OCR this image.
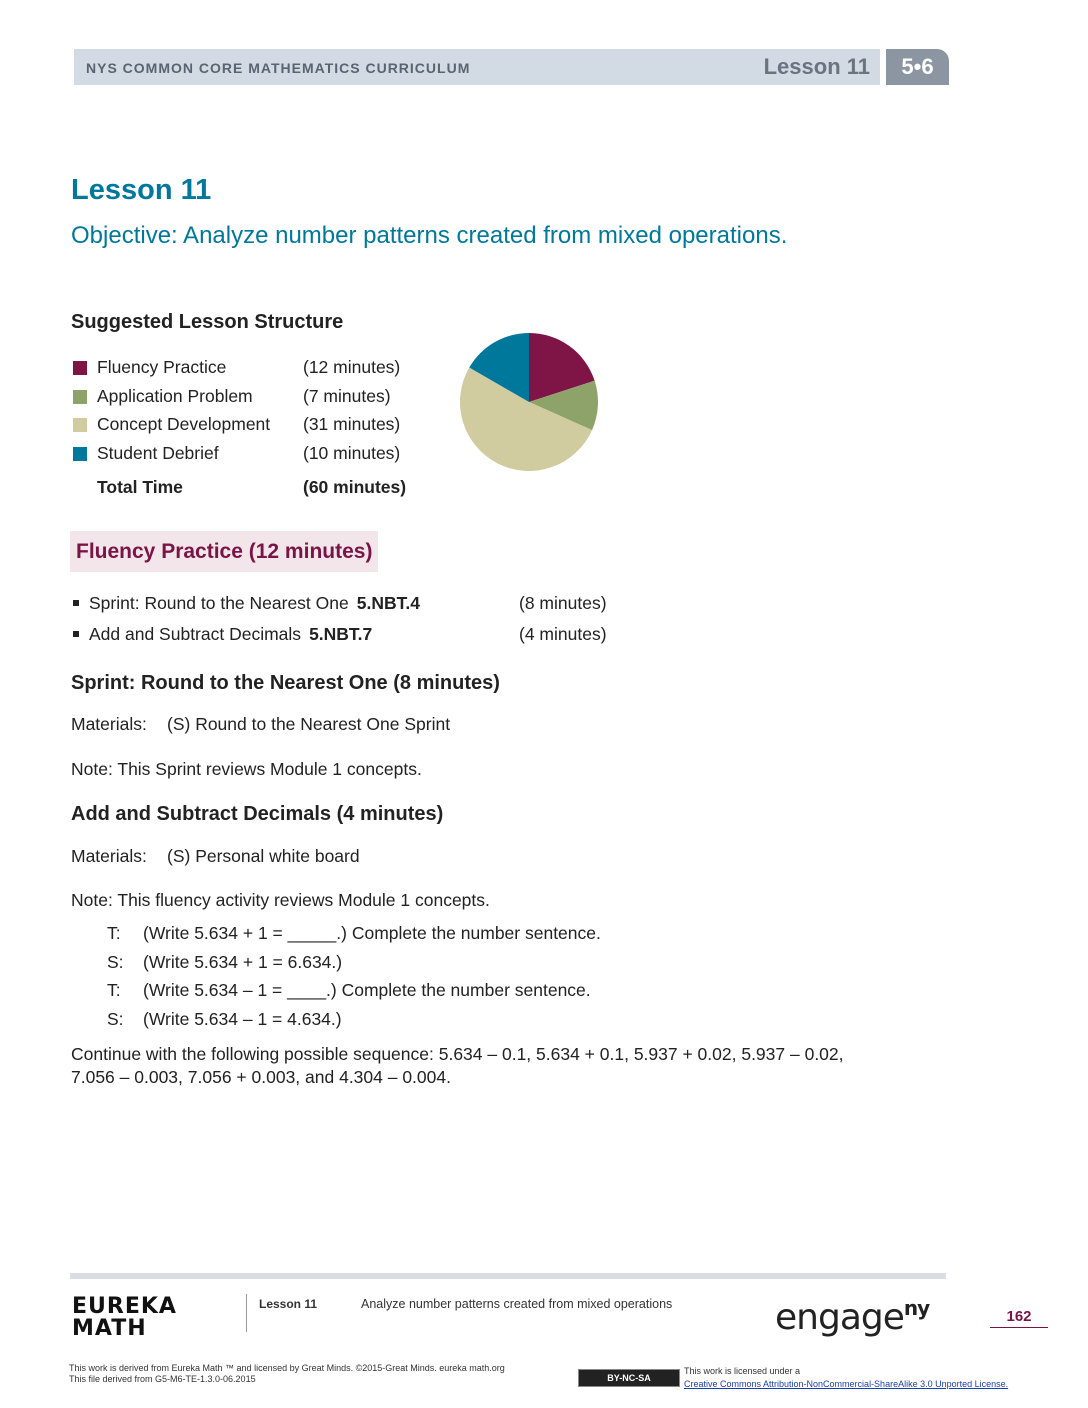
NYS COMMON CORE MATHEMATICS CURRICULUM	Lesson 11	5•6
Lesson 11
Objective: Analyze number patterns created from mixed operations.
Suggested Lesson Structure
Fluency Practice	(12 minutes)
Application Problem	(7 minutes)
Concept Development (31 minutes)
Student Debrief	(10 minutes)
Total Time	(60 minutes)
Fluency Practice (12 minutes)
Sprint: Round to the Nearest One 5.NBT.4	(8 minutes)
Add and Subtract Decimals 5.NBT.7	(4 minutes)
Sprint: Round to the Nearest One (8 minutes)
Materials: (S) Round to the Nearest One Sprint
Note: This Sprint reviews Module 1 concepts.
Add and Subtract Decimals (4 minutes)
Materials: (S) Personal white board
Note: This fluency activity reviews Module 1 concepts.
T: (Write 5.634 + 1 = _____.) Complete the number sentence.
S: (Write 5.634 + 1 = 6.634.)
T: (Write 5.634 – 1 = ____.) Complete the number sentence.
S: (Write 5.634 – 1 = 4.634.)
Continue with the following possible sequence: 5.634 – 0.1, 5.634 + 0.1, 5.937 + 0.02, 5.937 – 0.02,
7.056 – 0.003, 7.056 + 0.003, and 4.304 – 0.004.
EUREKA
MATH
Lesson 11	Analyze number patterns created from mixed operations	engage$^{ny}$	162
This work is derived from Eureka Math ™ and licensed by Great Minds. ©2015-Great Minds. eureka math.org
This file derived from G5-M6-TE-1.3.0-06.2015	BY-NC-SA
This work is licensed under a
Creative Commons Attribution-NonCommercial-ShareAlike 3.0 Unported License.
